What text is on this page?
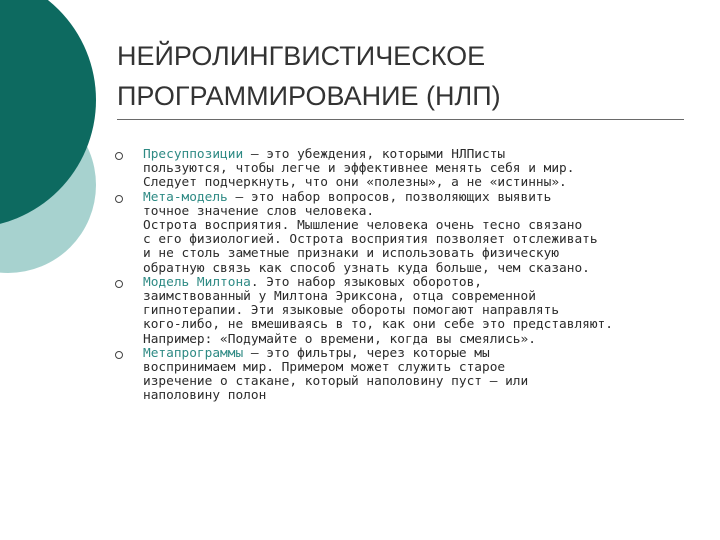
НЕЙРОЛИНГВИСТИЧЕСКОЕ
ПРОГРАММИРОВАНИЕ (НЛП)
Пресуппозиции — это убеждения, которыми НЛПисты
пользуются, чтобы легче и эффективнее менять себя и мир.
Следует подчеркнуть, что они «полезны», а не «истинны».
Мета-модель — это набор вопросов, позволяющих выявить
точное значение слов человека.
Острота восприятия. Мышление человека очень тесно связано
с его физиологией. Острота восприятия позволяет отслеживать
и не столь заметные признаки и использовать физическую
обратную связь как способ узнать куда больше, чем сказано.
Модель Милтона. Это набор языковых оборотов,
заимствованный у Милтона Эриксона, отца современной
гипнотерапии. Эти языковые обороты помогают направлять
кого-либо, не вмешиваясь в то, как они себе это представляют.
Например: «Подумайте о времени, когда вы смеялись».
Метапрограммы — это фильтры, через которые мы
воспринимаем мир. Примером может служить старое
изречение о стакане, который наполовину пуст — или
наполовину полон
